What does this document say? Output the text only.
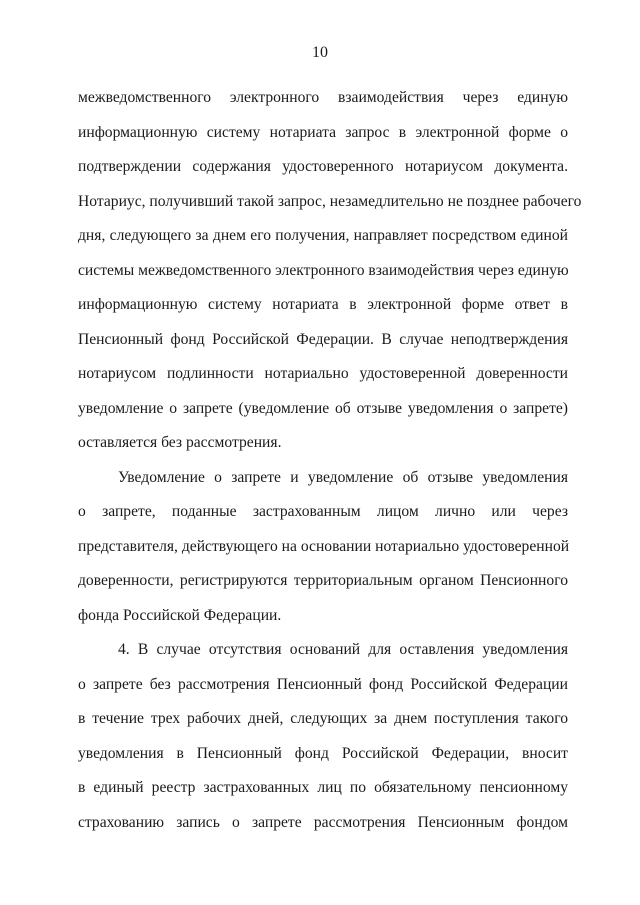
10
межведомственного электронного взаимодействия через единую
информационную систему нотариата запрос в электронной форме о
подтверждении содержания удостоверенного нотариусом документа.
Нотариус, получивший такой запрос, незамедлительно не позднее рабочего
дня, следующего за днем его получения, направляет посредством единой
системы межведомственного электронного взаимодействия через единую
информационную систему нотариата в электронной форме ответ в
Пенсионный фонд Российской Федерации. В случае неподтверждения
нотариусом подлинности нотариально удостоверенной доверенности
уведомление о запрете (уведомление об отзыве уведомления о запрете)
оставляется без рассмотрения.
Уведомление о запрете и уведомление об отзыве уведомления
о запрете, поданные застрахованным лицом лично или через
представителя, действующего на основании нотариально удостоверенной
доверенности, регистрируются территориальным органом Пенсионного
фонда Российской Федерации.
4. В случае отсутствия оснований для оставления уведомления
о запрете без рассмотрения Пенсионный фонд Российской Федерации
в течение трех рабочих дней, следующих за днем поступления такого
уведомления в Пенсионный фонд Российской Федерации, вносит
в единый реестр застрахованных лиц по обязательному пенсионному
страхованию запись о запрете рассмотрения Пенсионным фондом
